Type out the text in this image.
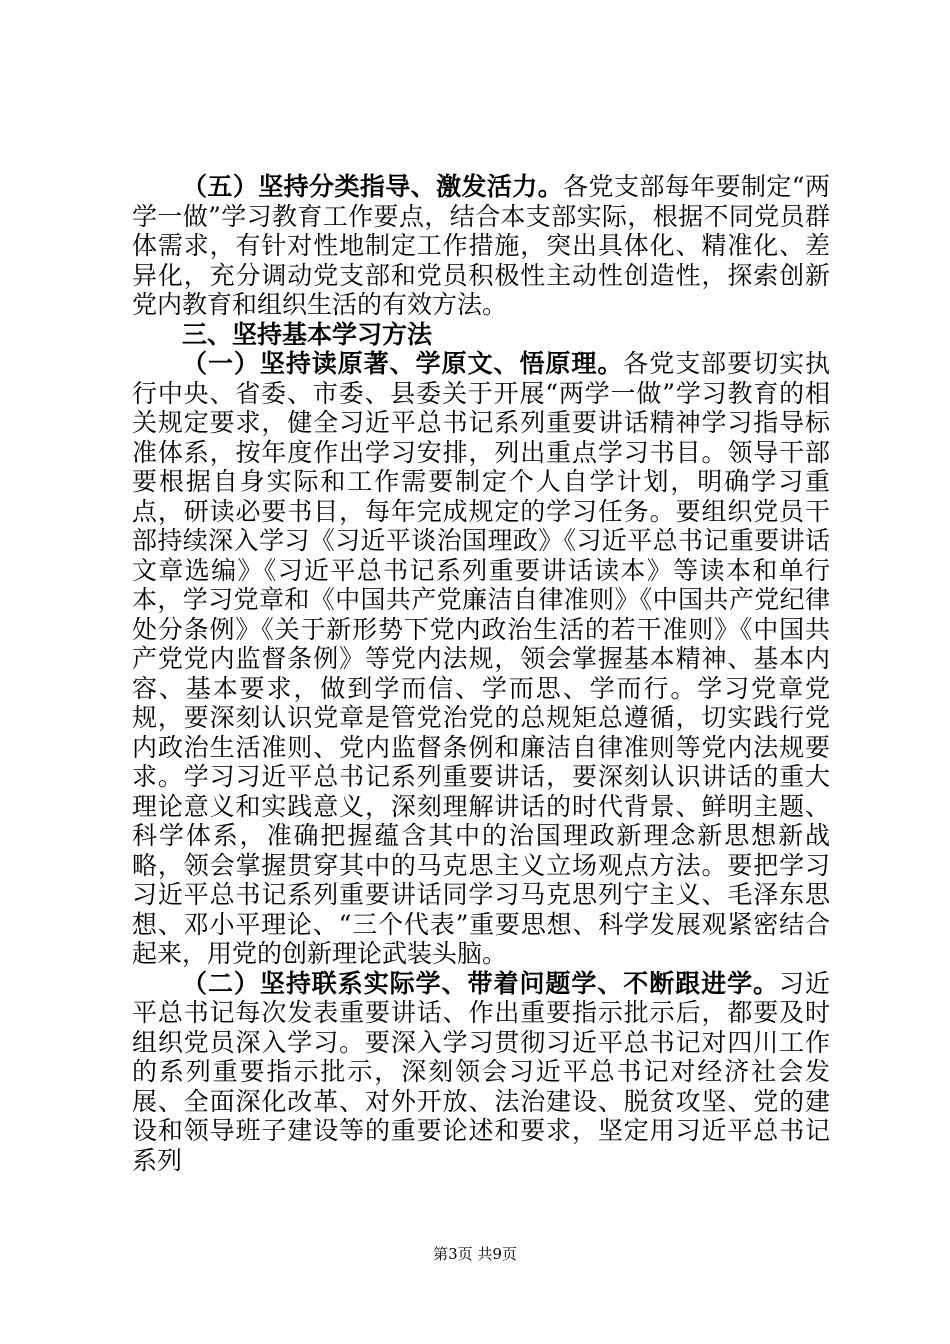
（五）坚持分类指导、激发活力。各党支部每年要制定“两学一做”学习教育工作要点，结合本支部实际，根据不同党员群体需求，有针对性地制定工作措施，突出具体化、精准化、差异化，充分调动党支部和党员积极性主动性创造性，探索创新党内教育和组织生活的有效方法。

三、坚持基本学习方法

（一）坚持读原著、学原文、悟原理。各党支部要切实执行中央、省委、市委、县委关于开展“两学一做”学习教育的相关规定要求，健全习近平总书记系列重要讲话精神学习指导标准体系，按年度作出学习安排，列出重点学习书目。领导干部要根据自身实际和工作需要制定个人自学计划，明确学习重点，研读必要书目，每年完成规定的学习任务。要组织党员干部持续深入学习《习近平谈治国理政》《习近平总书记重要讲话文章选编》《习近平总书记系列重要讲话读本》等读本和单行本，学习党章和《中国共产党廉洁自律准则》《中国共产党纪律处分条例》《关于新形势下党内政治生活的若干准则》《中国共产党党内监督条例》等党内法规，领会掌握基本精神、基本内容、基本要求，做到学而信、学而思、学而行。学习党章党规，要深刻认识党章是管党治党的总规矩总遵循，切实践行党内政治生活准则、党内监督条例和廉洁自律准则等党内法规要求。学习习近平总书记系列重要讲话，要深刻认识讲话的重大理论意义和实践意义，深刻理解讲话的时代背景、鲜明主题、科学体系，准确把握蕴含其中的治国理政新理念新思想新战略，领会掌握贯穿其中的马克思主义立场观点方法。要把学习习近平总书记系列重要讲话同学习马克思列宁主义、毛泽东思想、邓小平理论、“三个代表”重要思想、科学发展观紧密结合起来，用党的创新理论武装头脑。

（二）坚持联系实际学、带着问题学、不断跟进学。习近平总书记每次发表重要讲话、作出重要指示批示后，都要及时组织党员深入学习。要深入学习贯彻习近平总书记对四川工作的系列重要指示批示，深刻领会习近平总书记对经济社会发展、全面深化改革、对外开放、法治建设、脱贫攻坚、党的建设和领导班子建设等的重要论述和要求，坚定用习近平总书记系列

第3页 共9页
